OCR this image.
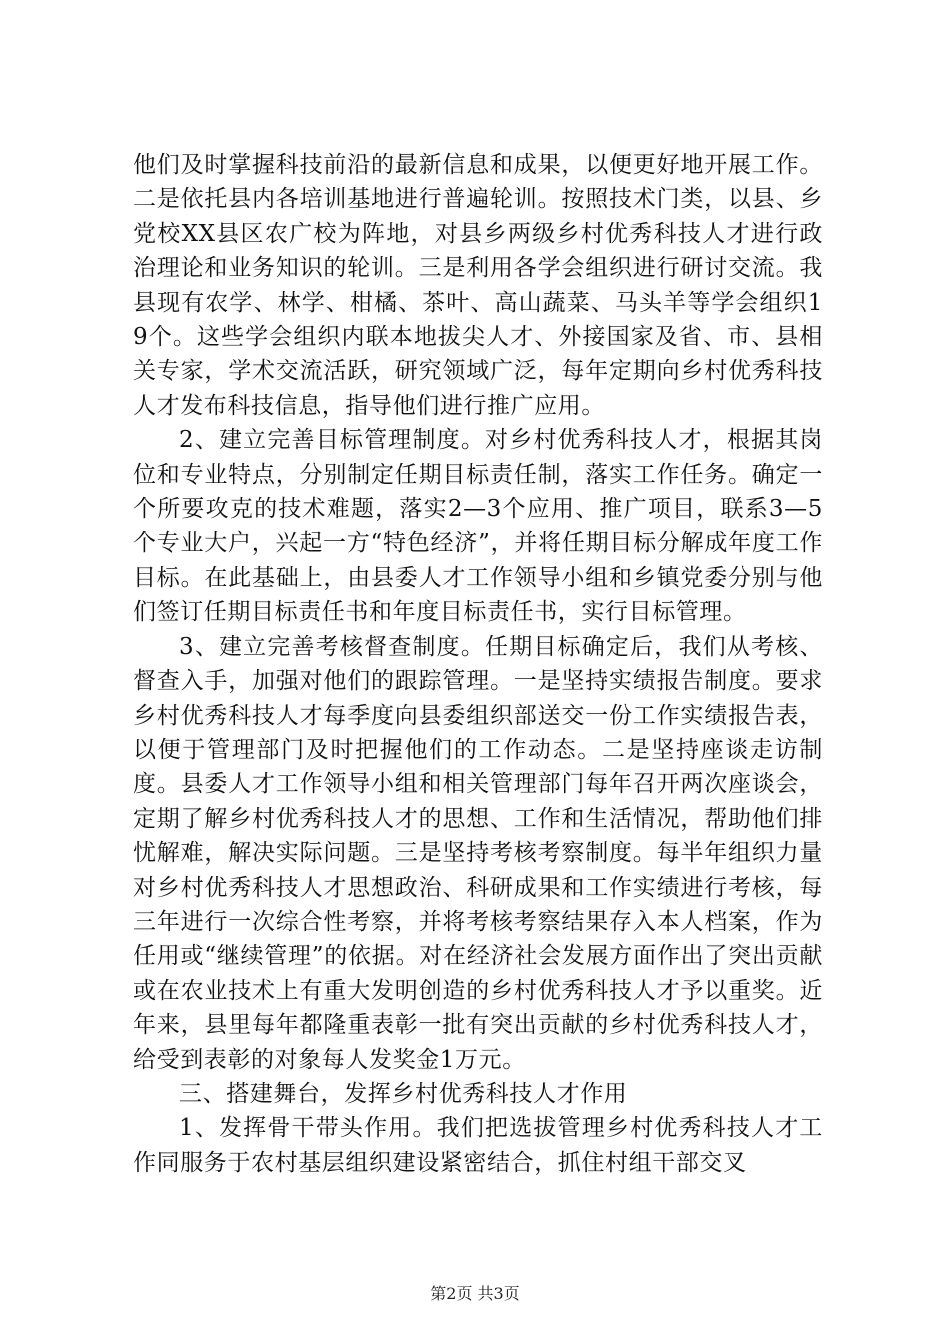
他们及时掌握科技前沿的最新信息和成果，以便更好地开展工作。二是依托县内各培训基地进行普遍轮训。按照技术门类，以县、乡党校XX县区农广校为阵地，对县乡两级乡村优秀科技人才进行政治理论和业务知识的轮训。三是利用各学会组织进行研讨交流。我县现有农学、林学、柑橘、茶叶、高山蔬菜、马头羊等学会组织19个。这些学会组织内联本地拔尖人才、外接国家及省、市、县相关专家，学术交流活跃，研究领域广泛，每年定期向乡村优秀科技人才发布科技信息，指导他们进行推广应用。

2、建立完善目标管理制度。对乡村优秀科技人才，根据其岗位和专业特点，分别制定任期目标责任制，落实工作任务。确定一个所要攻克的技术难题，落实2—3个应用、推广项目，联系3—5个专业大户，兴起一方“特色经济”，并将任期目标分解成年度工作目标。在此基础上，由县委人才工作领导小组和乡镇党委分别与他们签订任期目标责任书和年度目标责任书，实行目标管理。

3、建立完善考核督查制度。任期目标确定后，我们从考核、督查入手，加强对他们的跟踪管理。一是坚持实绩报告制度。要求乡村优秀科技人才每季度向县委组织部送交一份工作实绩报告表，以便于管理部门及时把握他们的工作动态。二是坚持座谈走访制度。县委人才工作领导小组和相关管理部门每年召开两次座谈会，定期了解乡村优秀科技人才的思想、工作和生活情况，帮助他们排忧解难，解决实际问题。三是坚持考核考察制度。每半年组织力量对乡村优秀科技人才思想政治、科研成果和工作实绩进行考核，每三年进行一次综合性考察，并将考核考察结果存入本人档案，作为任用或“继续管理”的依据。对在经济社会发展方面作出了突出贡献或在农业技术上有重大发明创造的乡村优秀科技人才予以重奖。近年来，县里每年都隆重表彰一批有突出贡献的乡村优秀科技人才，给受到表彰的对象每人发奖金1万元。

三、搭建舞台，发挥乡村优秀科技人才作用

1、发挥骨干带头作用。我们把选拔管理乡村优秀科技人才工作同服务于农村基层组织建设紧密结合，抓住村组干部交叉

第2页 共3页
